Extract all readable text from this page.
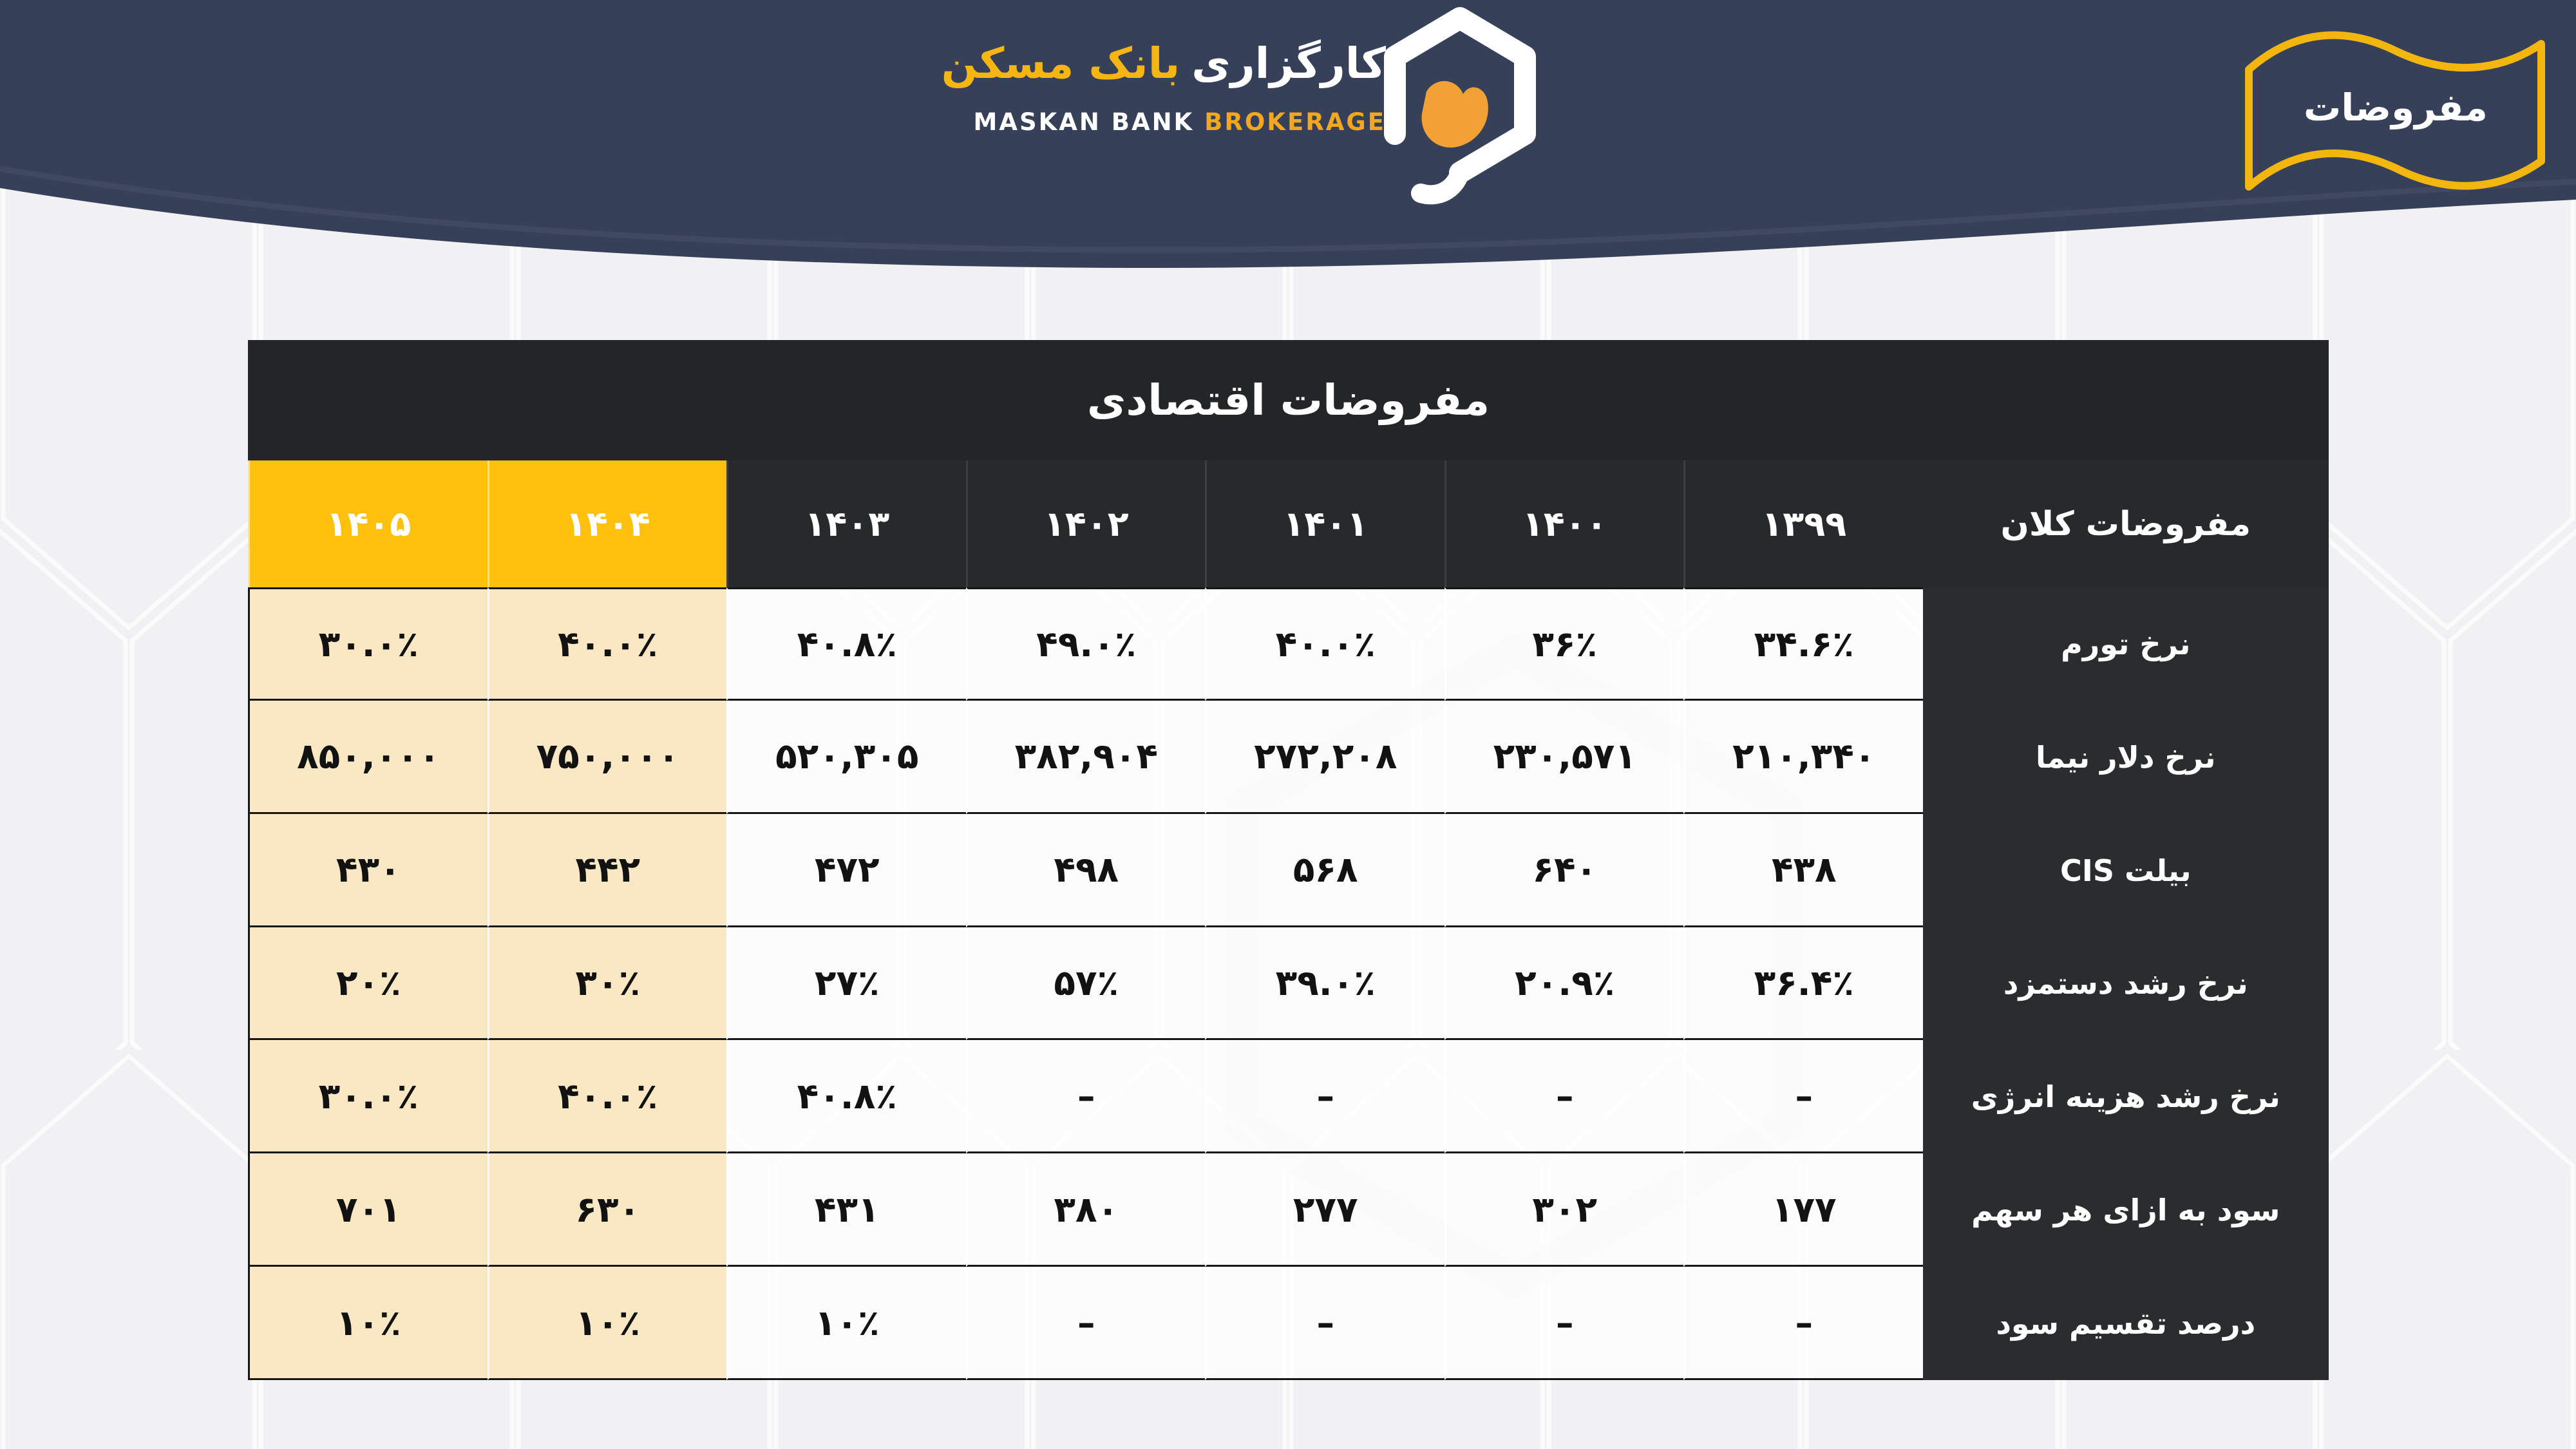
مفروضات
کارگزاری
بانک مسکن
MASKAN BANK BROKERAGE
مفروضات اقتصادی
۱۴۰۵	۱۴۰۴	۱۴۰۳	۱۴۰۲	۱۴۰۱	۱۴۰۰	۱۳۹۹	مفروضات کلان
۳۰.۰٪	۴۰.۰٪	۴۰.۸٪	۴۹.۰٪	۴۰.۰٪	۳۶٪	۳۴.۶٪	نرخ تورم
۸۵۰,۰۰۰	۷۵۰,۰۰۰	۵۲۰,۳۰۵	۳۸۲,۹۰۴	۲۷۲,۲۰۸	۲۳۰,۵۷۱	۲۱۰,۳۴۰	نرخ دلار نیما
۴۳۰	۴۴۲	۴۷۲	۴۹۸	۵۶۸	۶۴۰	۴۳۸	بیلت CIS
۲۰٪	۳۰٪	۲۷٪	۵۷٪	۳۹.۰٪	۲۰.۹٪	۳۶.۴٪	نرخ رشد دستمزد
۳۰.۰٪	۴۰.۰٪	۴۰.۸٪	–	–	–	–	نرخ رشد هزینه انرژی
۷۰۱	۶۳۰	۴۳۱	۳۸۰	۲۷۷	۳۰۲	۱۷۷	سود به ازای هر سهم
۱۰٪	۱۰٪	۱۰٪	–	–	–	–	درصد تقسیم سود
